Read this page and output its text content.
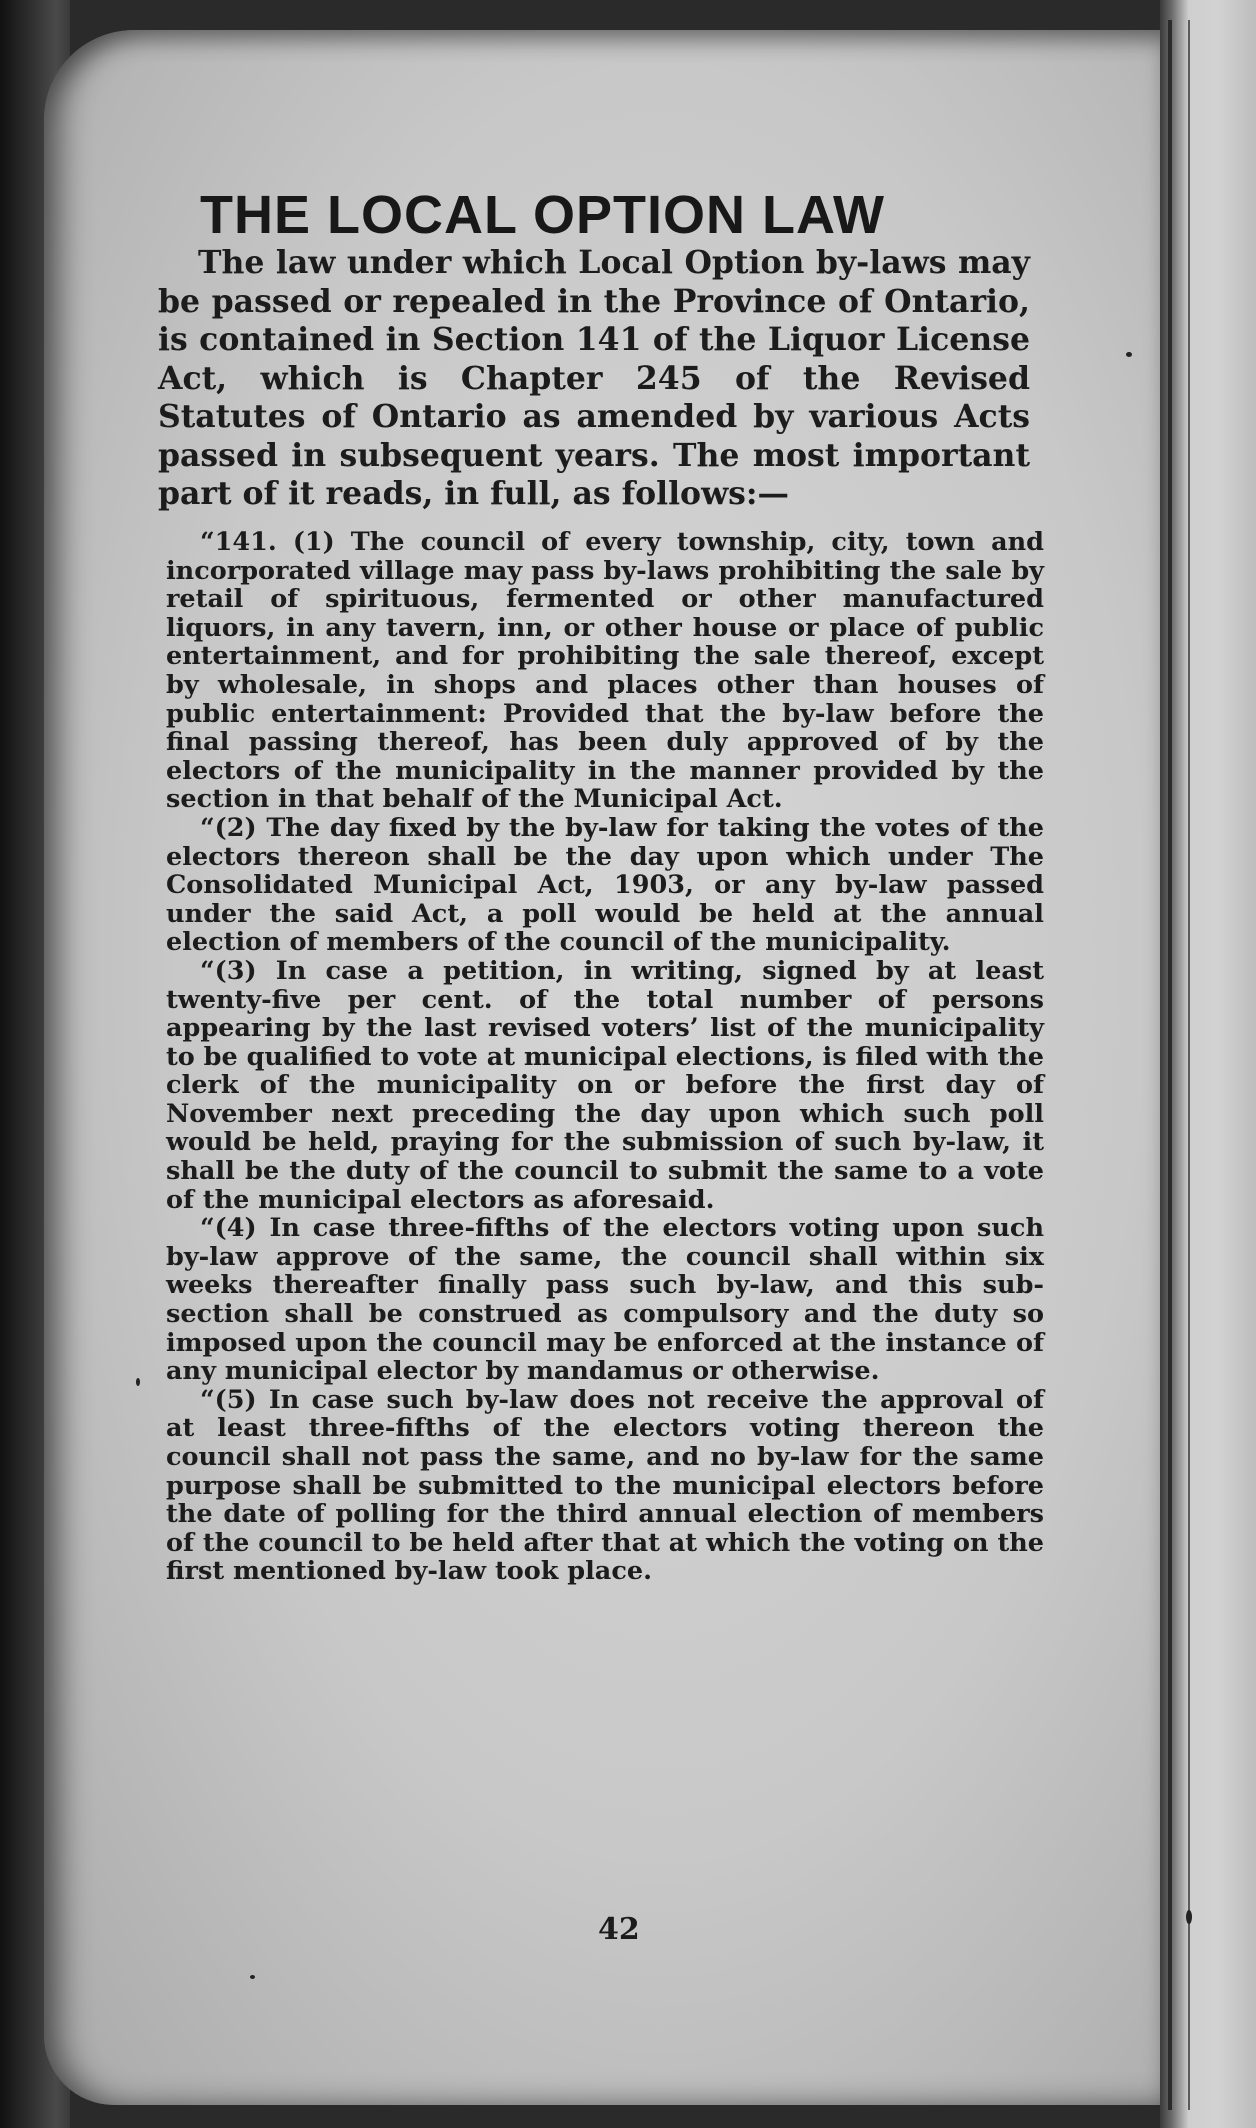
THE LOCAL OPTION LAW
The law under which Local Option by-laws may be passed or repealed in the Province of Ontario, is contained in Section 141 of the Liquor License Act, which is Chapter 245 of the Revised Statutes of Ontario as amended by various Acts passed in subsequent years. The most important part of it reads, in full, as follows:—

“141. (1) The council of every township, city, town and incorporated village may pass by-laws prohibiting the sale by retail of spirituous, fermented or other manufactured liquors, in any tavern, inn, or other house or place of public entertainment, and for prohibiting the sale thereof, except by wholesale, in shops and places other than houses of public entertainment: Provided that the by-law before the final passing thereof, has been duly approved of by the electors of the municipality in the manner provided by the section in that behalf of the Municipal Act.

“(2) The day fixed by the by-law for taking the votes of the electors thereon shall be the day upon which under The Consolidated Municipal Act, 1903, or any by-law passed under the said Act, a poll would be held at the annual election of members of the council of the municipality.

“(3) In case a petition, in writing, signed by at least twenty-five per cent. of the total number of persons appearing by the last revised voters’ list of the municipality to be qualified to vote at municipal elections, is filed with the clerk of the municipality on or before the first day of November next preceding the day upon which such poll would be held, praying for the submission of such by-law, it shall be the duty of the council to submit the same to a vote of the municipal electors as aforesaid.

“(4) In case three-fifths of the electors voting upon such by-law approve of the same, the council shall within six weeks thereafter finally pass such by-law, and this sub-section shall be construed as compulsory and the duty so imposed upon the council may be enforced at the instance of any municipal elector by mandamus or otherwise.

“(5) In case such by-law does not receive the approval of at least three-fifths of the electors voting thereon the council shall not pass the same, and no by-law for the same purpose shall be submitted to the municipal electors before the date of polling for the third annual election of members of the council to be held after that at which the voting on the first mentioned by-law took place.

42
